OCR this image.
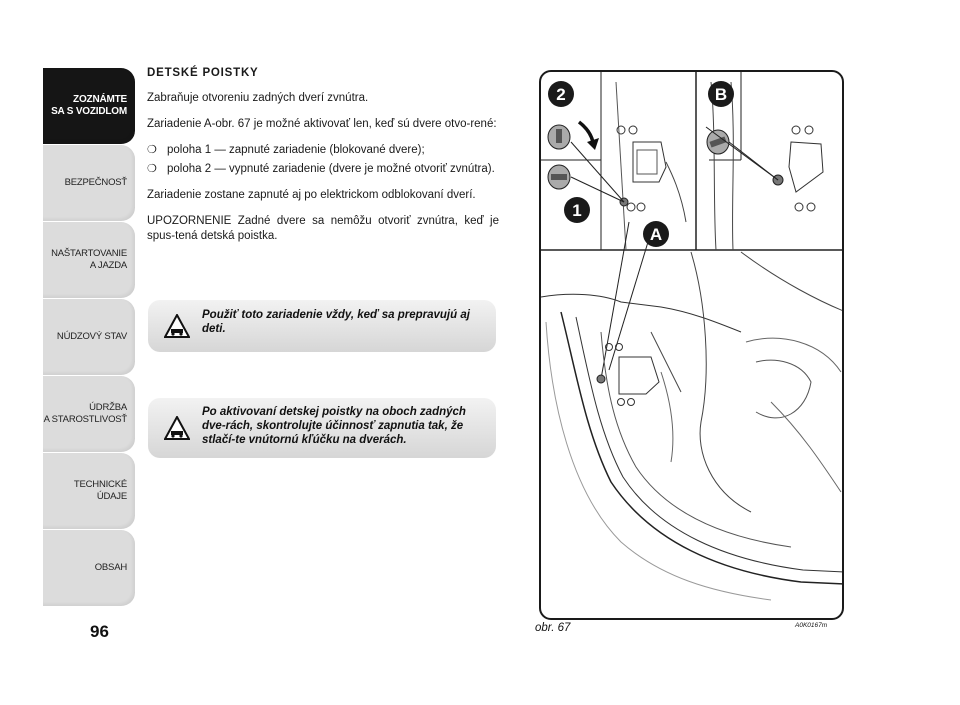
ZOZNÁMTE
SA S VOZIDLOM
BEZPEČNOSŤ
NAŠTARTOVANIE
A JAZDA
NÚDZOVÝ STAV
ÚDRŽBA
A STAROSTLIVOSŤ
TECHNICKÉ
ÚDAJE
OBSAH
96
DETSKÉ POISTKY

Zabraňuje otvoreniu zadných dverí zvnútra.

Zariadenie A-obr. 67 je možné aktivovať len, keď sú dvere otvo-rené:

❍ poloha 1 — zapnuté zariadenie (blokované dvere);
❍ poloha 2 — vypnuté zariadenie (dvere je možné otvoriť zvnútra).

Zariadenie zostane zapnuté aj po elektrickom odblokovaní dverí.

UPOZORNENIE Zadné dvere sa nemôžu otvoriť zvnútra, keď je spus-tená detská poistka.

Použiť toto zariadenie vždy, keď sa prepravujú aj deti.
Po aktivovaní detskej poistky na oboch zadných dve-rách, skontrolujte účinnosť zapnutia tak, že stlačí-te vnútornú kľúčku na dverách.
2
1
A
B
obr. 67	A0K0167m
